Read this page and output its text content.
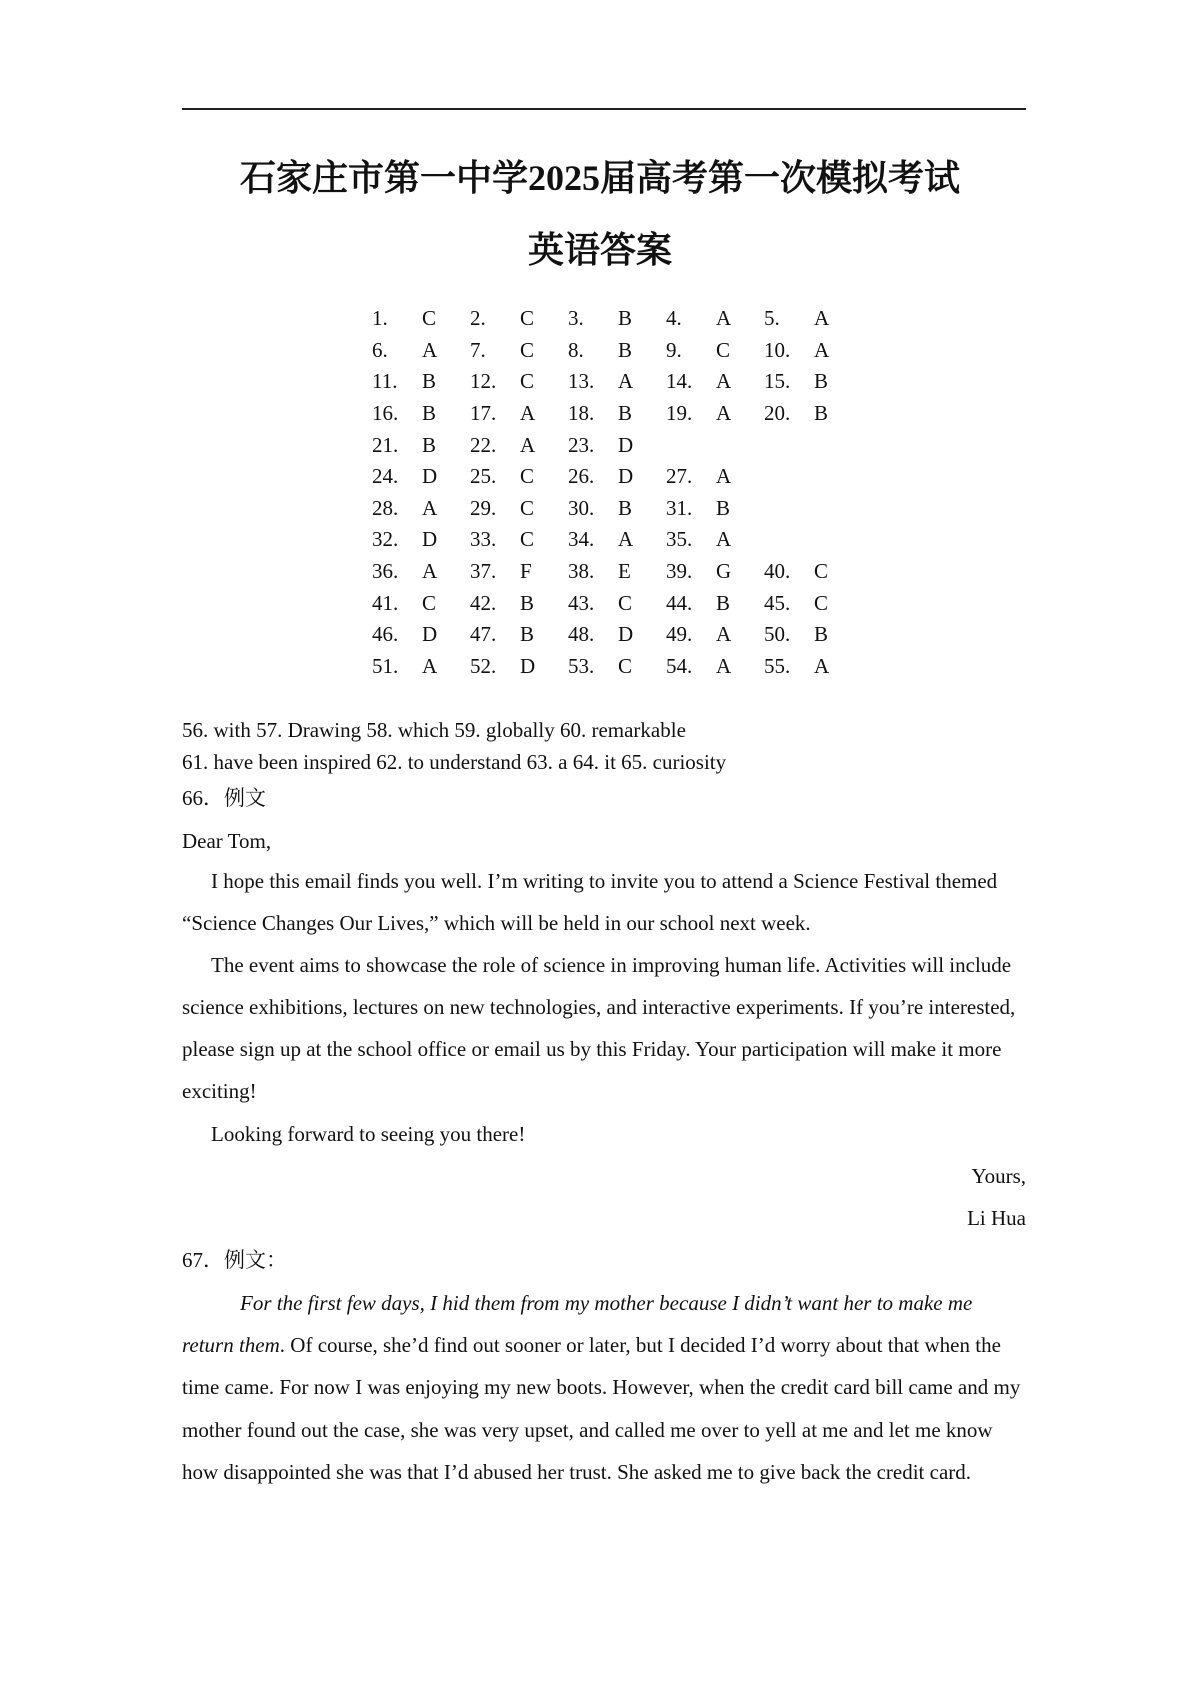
石家庄市第一中学2025届高考第一次模拟考试
英语答案
1.	C	2.	C	3.	B	4.	A	5.	A
6.	A	7.	C	8.	B	9.	C	10.	A
11.	B	12.	C	13.	A	14.	A	15.	B
16.	B	17.	A	18.	B	19.	A	20.	B
21.	B	22.	A	23.	D				
24.	D	25.	C	26.	D	27.	A		
28.	A	29.	C	30.	B	31.	B		
32.	D	33.	C	34.	A	35.	A		
36.	A	37.	F	38.	E	39.	G	40.	C
41.	C	42.	B	43.	C	44.	B	45.	C
46.	D	47.	B	48.	D	49.	A	50.	B
51.	A	52.	D	53.	C	54.	A	55.	A
56. with 57. Drawing 58. which 59. globally 60. remarkable
61. have been inspired 62. to understand 63. a 64. it 65. curiosity
66．例文
Dear Tom,
I hope this email finds you well. I’m writing to invite you to attend a Science Festival themed “Science Changes Our Lives,” which will be held in our school next week.
The event aims to showcase the role of science in improving human life. Activities will include science exhibitions, lectures on new technologies, and interactive experiments. If you’re interested, please sign up at the school office or email us by this Friday. Your participation will make it more exciting!
Looking forward to seeing you there!
Yours,
Li Hua
67．例文：
For the first few days, I hid them from my mother because I didn’t want her to make me
return them. Of course, she’d find out sooner or later, but I decided I’d worry about that when the time came. For now I was enjoying my new boots. However, when the credit card bill came and my mother found out the case, she was very upset, and called me over to yell at me and let me know how disappointed she was that I’d abused her trust. She asked me to give back the credit card.
